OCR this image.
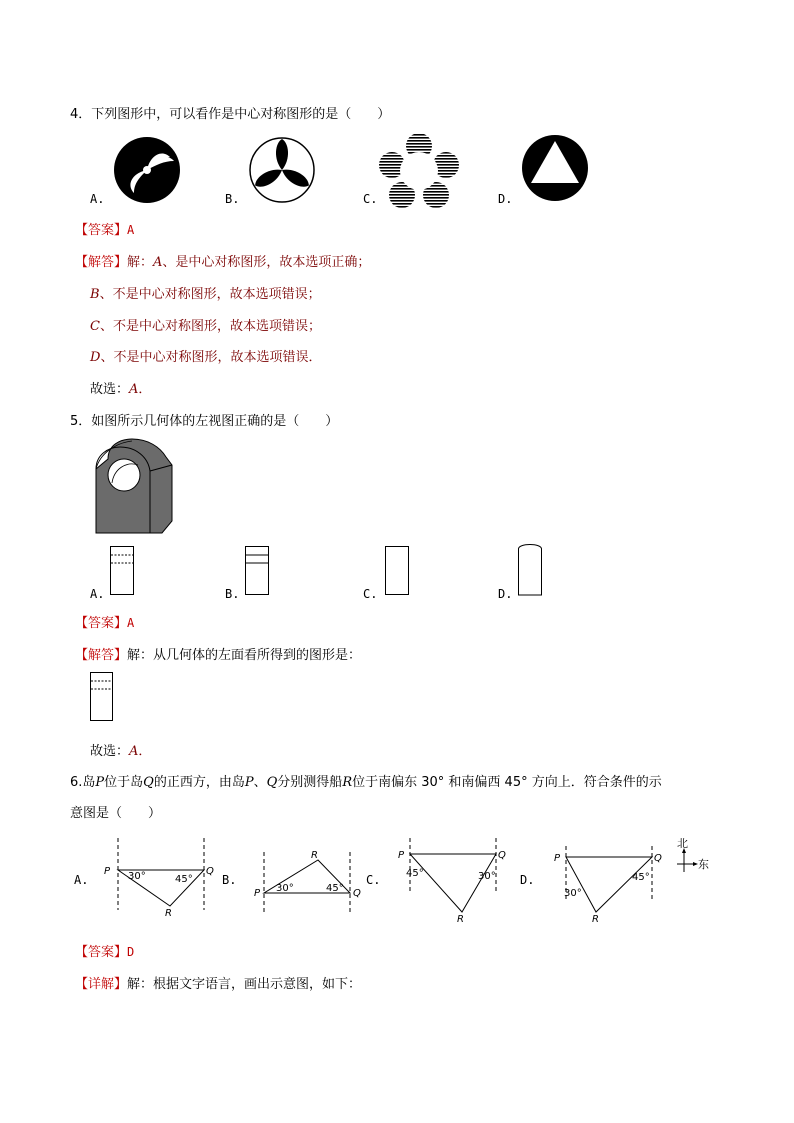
4．下列图形中，可以看作是中心对称图形的是（　　）
A.	B.	C.	D.
【答案】A
【解答】解：A、是中心对称图形，故本选项正确；
B、不是中心对称图形，故本选项错误；
C、不是中心对称图形，故本选项错误；
D、不是中心对称图形，故本选项错误．
故选：A．
5．如图所示几何体的左视图正确的是（　　）
A.	B.	C.	D.
【答案】A
【解答】解：从几何体的左面看所得到的图形是：
故选：A．
6.岛P位于岛Q的正西方，由岛P、Q分别测得船R位于南偏东 30° 和南偏西 45° 方向上．符合条件的示
意图是（　　）
P	Q
R
30°	45°
A.
P	Q
R
30°	45°
B.
P	Q
R
45°	30°
C.
P	Q
R
30°
45°
D.
北
东
【答案】D
【详解】解：根据文字语言，画出示意图，如下：
